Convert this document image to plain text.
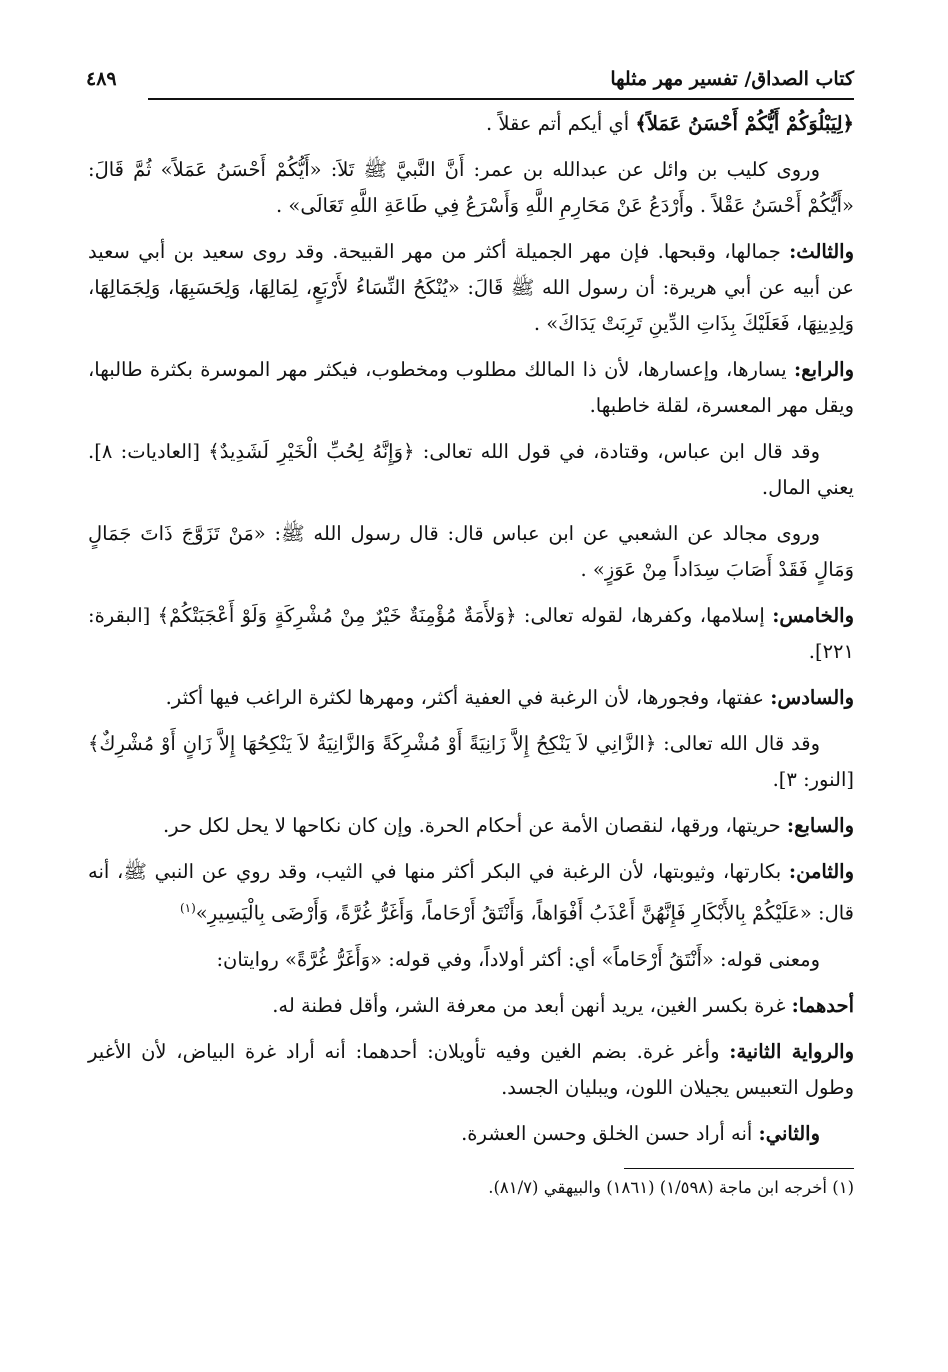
كتاب الصداق/ تفسير مهر مثلها
٤٨٩

﴿لِيَبْلُوَكُمْ أَيُّكُمْ أَحْسَنُ عَمَلاً﴾ أي أيكم أتم عقلاً .

وروى كليب بن وائل عن عبدالله بن عمر: أَنَّ النَّبيَّ ﷺ تَلاَ: «أَيُّكُمْ أَحْسَنُ عَمَلاً» ثُمَّ قَالَ: «أَيُّكُمْ أَحْسَنُ عَقْلاً . وأَرْدَعُ عَنْ مَحَارِمِ اللَّهِ وَأَسْرَعُ فِي طَاعَةِ اللَّهِ تَعَالَى» .

والثالث: جمالها، وقبحها. فإن مهر الجميلة أكثر من مهر القبيحة. وقد روى سعيد بن أبي سعيد عن أبيه عن أبي هريرة: أن رسول الله ﷺ قَالَ: «يُنْكَحُ النِّسَاءُ لأَرْبَعٍ، لِمَالِهَا، وَلِحَسَبِهَا، وَلِجَمَالِهَا، وَلِدِينِهَا، فَعَلَيْكَ بِذَاتِ الدِّينِ تَرِبَتْ يَدَاكَ» .

والرابع: يسارها، وإعسارها، لأن ذا المالك مطلوب ومخطوب، فيكثر مهر الموسرة بكثرة طالبها، ويقل مهر المعسرة، لقلة خاطبها.

وقد قال ابن عباس، وقتادة، في قول الله تعالى: ﴿وَإِنَّهُ لِحُبِّ الْخَيْرِ لَشَدِيدٌ﴾ [العاديات: ٨]. يعني المال.

وروى مجالد عن الشعبي عن ابن عباس قال: قال رسول الله ﷺ: «مَنْ تَزَوَّجَ ذَاتَ جَمَالٍ وَمَالٍ فَقَدْ أَصَابَ سِدَاداً مِنْ عَوَزٍ» .

والخامس: إسلامها، وكفرها، لقوله تعالى: ﴿وَلأَمَةٌ مُؤْمِنَةٌ خَيْرٌ مِنْ مُشْرِكَةٍ وَلَوْ أَعْجَبَتْكُمْ﴾ [البقرة: ٢٢١].

والسادس: عفتها، وفجورها، لأن الرغبة في العفية أكثر، ومهرها لكثرة الراغب فيها أكثر.

وقد قال الله تعالى: ﴿الزَّانِي لاَ يَنْكِحُ إِلاَّ زَانِيَةً أَوْ مُشْرِكَةً وَالزَّانِيَةُ لاَ يَنْكِحُهَا إِلاَّ زَانٍ أَوْ مُشْرِكٌ﴾ [النور: ٣].

والسابع: حريتها، ورقها، لنقصان الأمة عن أحكام الحرة. وإن كان نكاحها لا يحل لكل حر.

والثامن: بكارتها، وثيوبتها، لأن الرغبة في البكر أكثر منها في الثيب، وقد روي عن النبي ﷺ، أنه قال: «عَلَيْكُمْ بِالأَبْكَارِ فَإِنَّهُنَّ أَعْذَبُ أَفْوَاهاً، وَأَنْتَقُ أَرْحَاماً، وَأَغَرُّ غُرَّةً، وَأَرْضَى بِالْيَسِيرِ»$^{(١)}$

ومعنى قوله: «أَنْتَقُ أَرْحَاماً» أي: أكثر أولاداً، وفي قوله: «وَأَغَرُّ غُرَّةً» روايتان:

أحدهما: غرة بكسر الغين، يريد أنهن أبعد من معرفة الشر، وأقل فطنة له.

والرواية الثانية: وأغر غرة. بضم الغين وفيه تأويلان: أحدهما: أنه أراد غرة البياض، لأن الأغير وطول التعبيس يجيلان اللون، ويبليان الجسد.

والثاني: أنه أراد حسن الخلق وحسن العشرة.

(١) أخرجه ابن ماجة (١/٥٩٨) (١٨٦١) والبيهقي (٨١/٧).
